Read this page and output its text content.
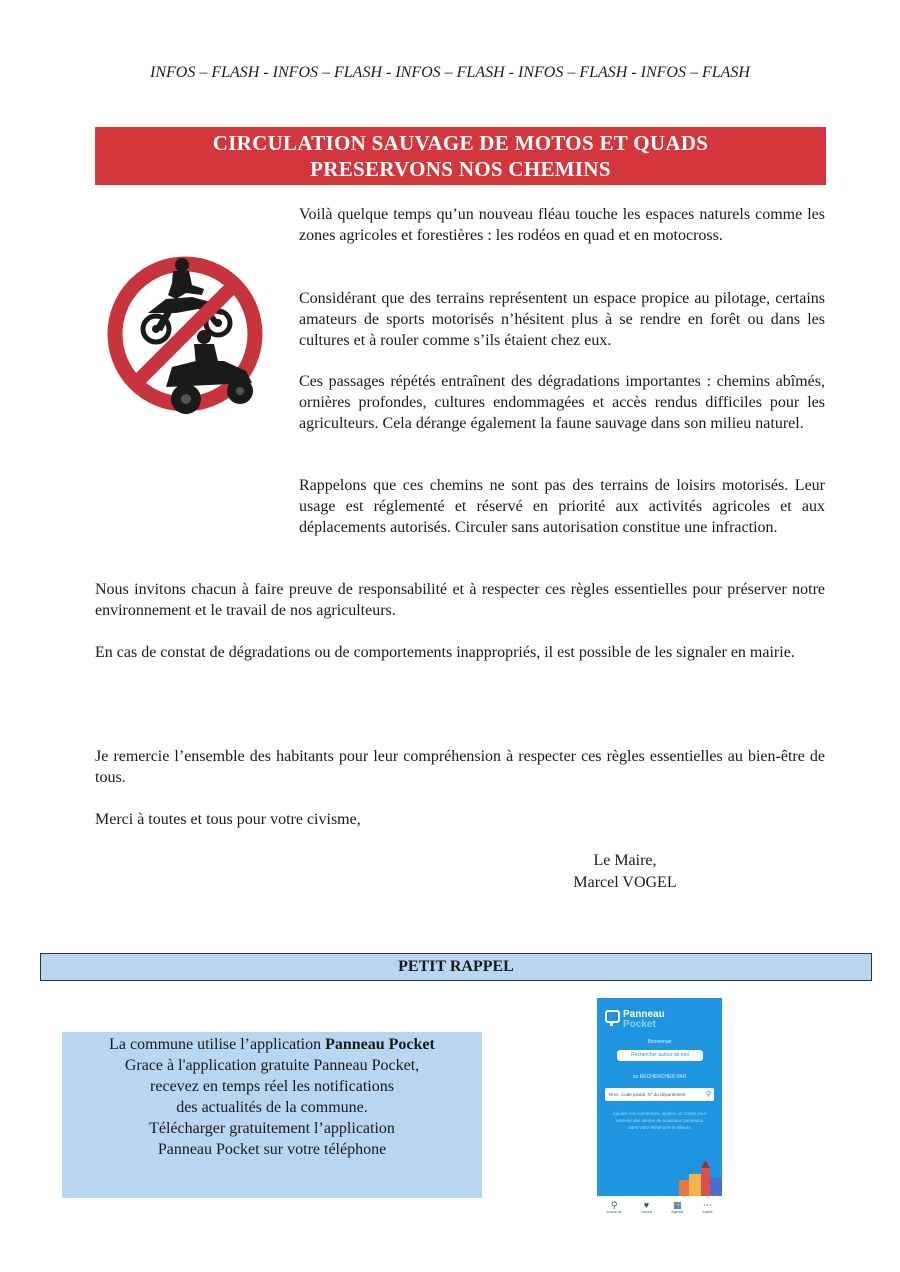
INFOS – FLASH - INFOS – FLASH - INFOS – FLASH - INFOS – FLASH - INFOS – FLASH
CIRCULATION SAUVAGE DE MOTOS ET QUADS
PRESERVONS NOS CHEMINS

Voilà quelque temps qu’un nouveau fléau touche les espaces naturels comme les zones agricoles et forestières : les rodéos en quad et en motocross.

Considérant que des terrains représentent un espace propice au pilotage, certains amateurs de sports motorisés n’hésitent plus à se rendre en forêt ou dans les cultures et à rouler comme s’ils étaient chez eux.

Ces passages répétés entraînent des dégradations importantes : chemins abîmés, ornières profondes, cultures endommagées et accès rendus difficiles pour les agriculteurs. Cela dérange également la faune sauvage dans son milieu naturel.

Rappelons que ces chemins ne sont pas des terrains de loisirs motorisés. Leur usage est réglementé et réservé en priorité aux activités agricoles et aux déplacements autorisés. Circuler sans autorisation constitue une infraction.

Nous invitons chacun à faire preuve de responsabilité et à respecter ces règles essentielles pour préserver notre environnement et le travail de nos agriculteurs.

En cas de constat de dégradations ou de comportements inappropriés, il est possible de les signaler en mairie.

Je remercie l’ensemble des habitants pour leur compréhension à respecter ces règles essentielles au bien-être de tous.

Merci à toutes et tous pour votre civisme,

Le Maire,
Marcel VOGEL
PETIT RAPPEL
La commune utilise l’application Panneau Pocket
Grace à l'application gratuite Panneau Pocket,
recevez en temps réel les notifications
des actualités de la commune.
Télécharger gratuitement l’application
Panneau Pocket sur votre téléphone
Panneau
Pocket
Bienvenue
Rechercher autour de moi
ou RECHERCHER PAR
Nom, Code postal, N° du département	⚲
Ajoutez vos communes, ajoutez un Coeur pour recevoir des alertes de nouveaux panneaux dans votre téléphone et ailleurs
⚲
Autour de
♥
Favoris
▦
Agenda
⋯
Autres
